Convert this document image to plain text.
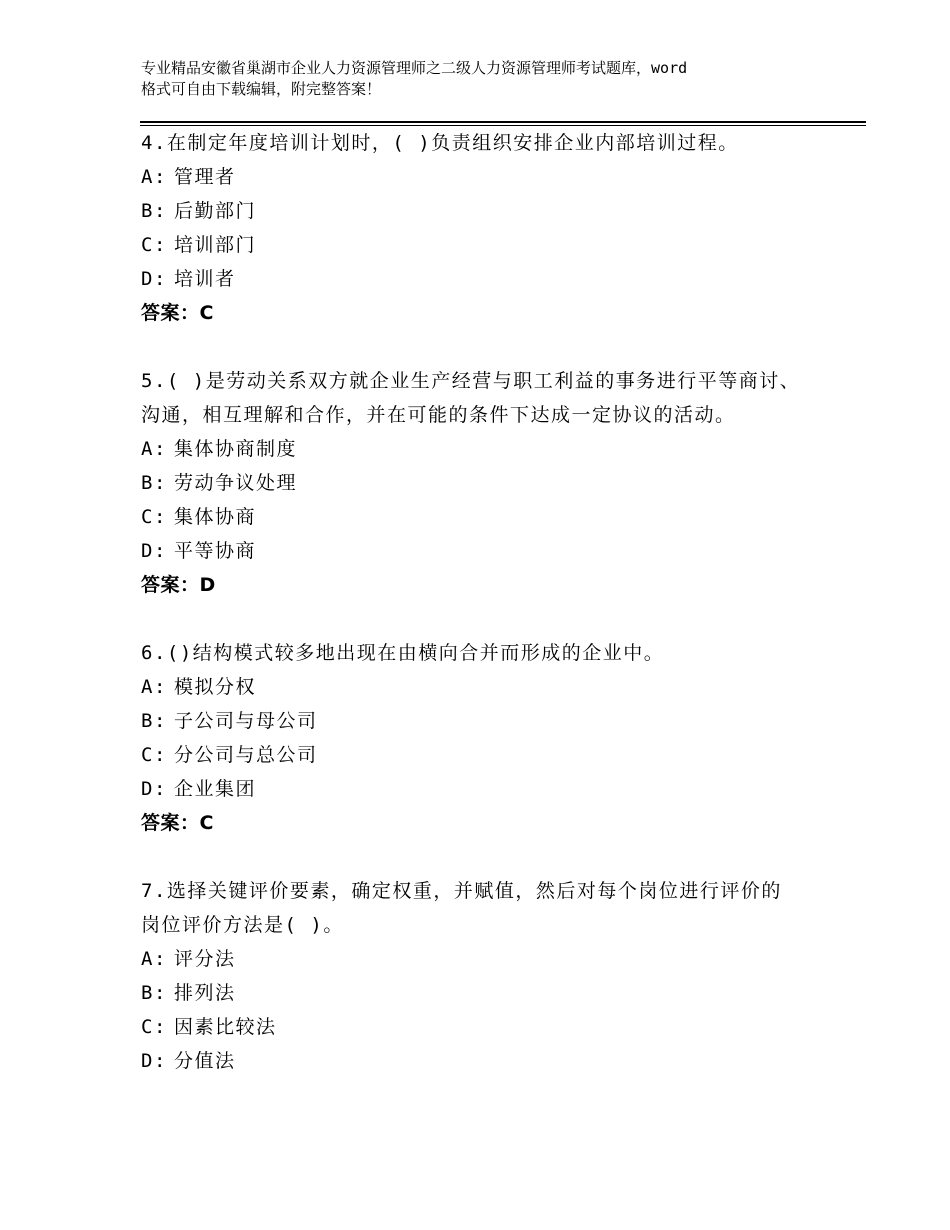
专业精品安徽省巢湖市企业人力资源管理师之二级人力资源管理师考试题库，word
格式可自由下载编辑，附完整答案！
4.在制定年度培训计划时，( )负责组织安排企业内部培训过程。
A: 管理者
B: 后勤部门
C: 培训部门
D: 培训者
答案：C
5.( )是劳动关系双方就企业生产经营与职工利益的事务进行平等商讨、沟通，相互理解和合作，并在可能的条件下达成一定协议的活动。
A: 集体协商制度
B: 劳动争议处理
C: 集体协商
D: 平等协商
答案：D
6.()结构模式较多地出现在由横向合并而形成的企业中。
A: 模拟分权
B: 子公司与母公司
C: 分公司与总公司
D: 企业集团
答案：C
7.选择关键评价要素，确定权重，并赋值，然后对每个岗位进行评价的岗位评价方法是( )。
A: 评分法
B: 排列法
C: 因素比较法
D: 分值法
